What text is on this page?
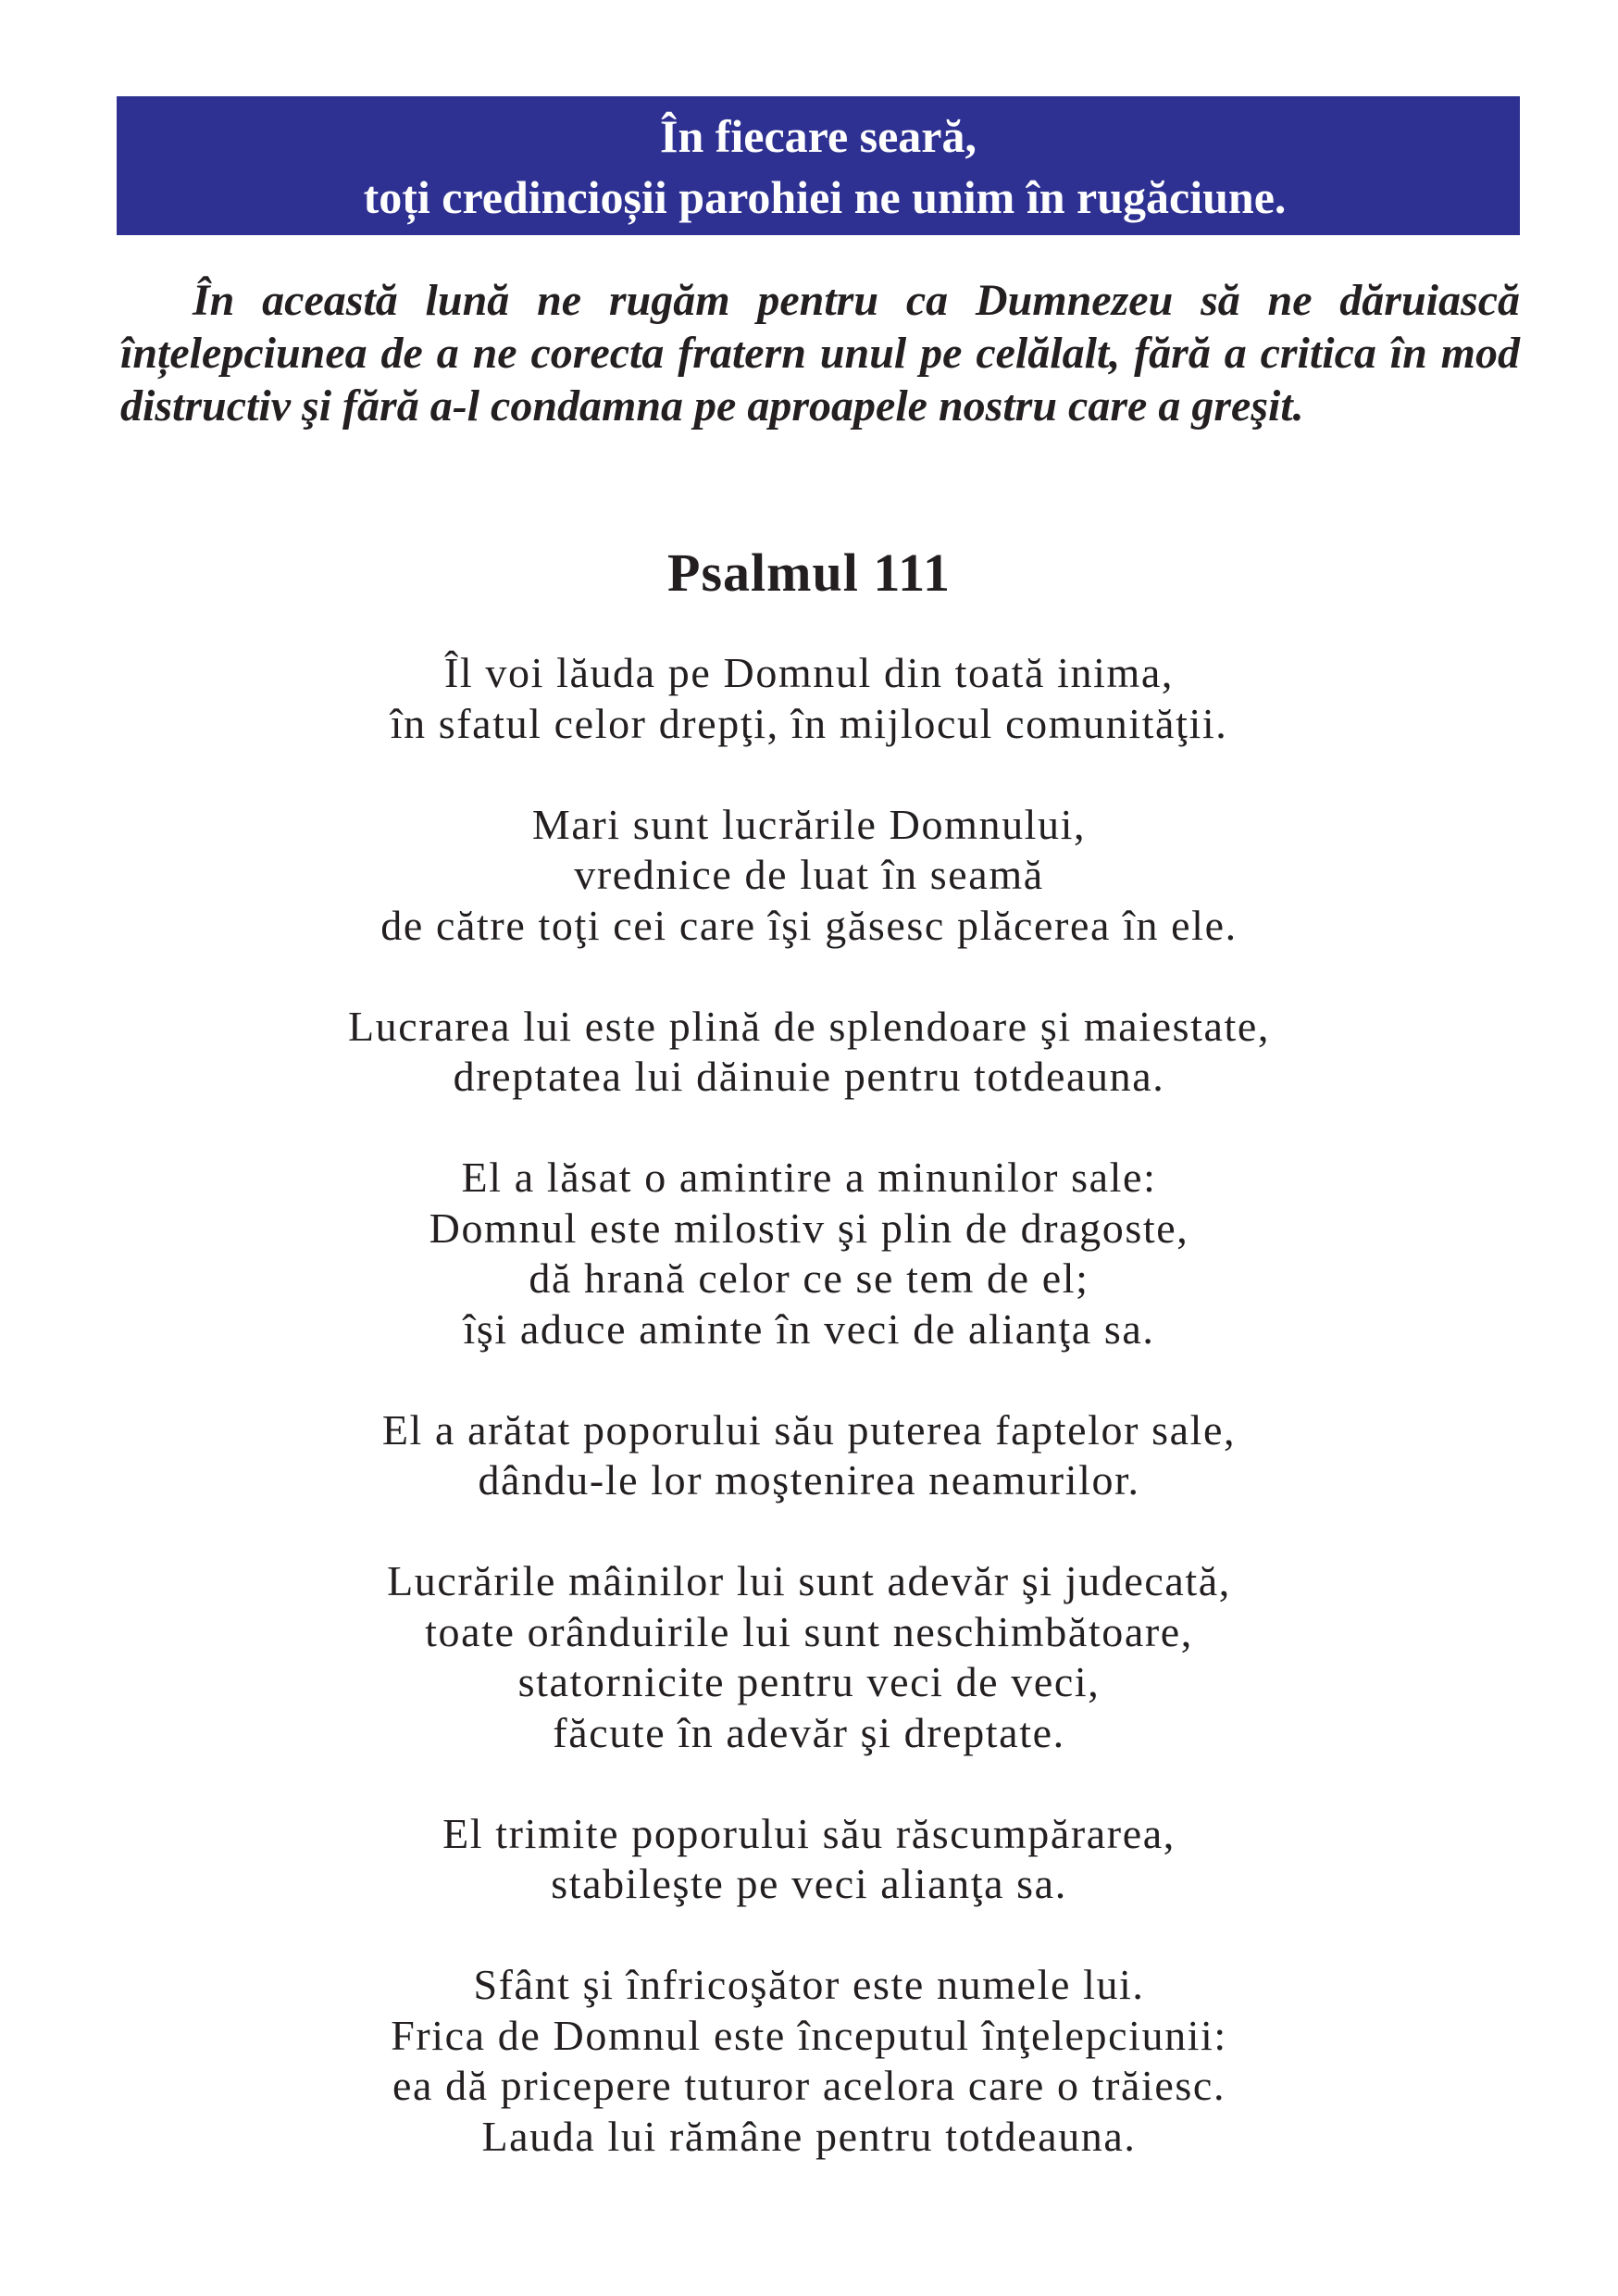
În fiecare seară,
toți credincioșii parohiei ne unim în rugăciune.

În această lună ne rugăm pentru ca Dumnezeu să ne dăruiască înțelepciunea de a ne corecta fratern unul pe celălalt, fără a critica în mod distructiv şi fără a-l condamna pe aproapele nostru care a greşit.

Psalmul 111
Îl voi lăuda pe Domnul din toată inima,
în sfatul celor drepţi, în mijlocul comunităţii.
Mari sunt lucrările Domnului,
vrednice de luat în seamă
de către toţi cei care îşi găsesc plăcerea în ele.
Lucrarea lui este plină de splendoare şi maiestate,
dreptatea lui dăinuie pentru totdeauna.
El a lăsat o amintire a minunilor sale:
Domnul este milostiv şi plin de dragoste,
dă hrană celor ce se tem de el;
îşi aduce aminte în veci de alianţa sa.
El a arătat poporului său puterea faptelor sale,
dându-le lor moştenirea neamurilor.
Lucrările mâinilor lui sunt adevăr şi judecată,
toate orânduirile lui sunt neschimbătoare,
statornicite pentru veci de veci,
făcute în adevăr şi dreptate.
El trimite poporului său răscumpărarea,
stabileşte pe veci alianţa sa.
Sfânt şi înfricoşător este numele lui.
Frica de Domnul este începutul înţelepciunii:
ea dă pricepere tuturor acelora care o trăiesc.
Lauda lui rămâne pentru totdeauna.
